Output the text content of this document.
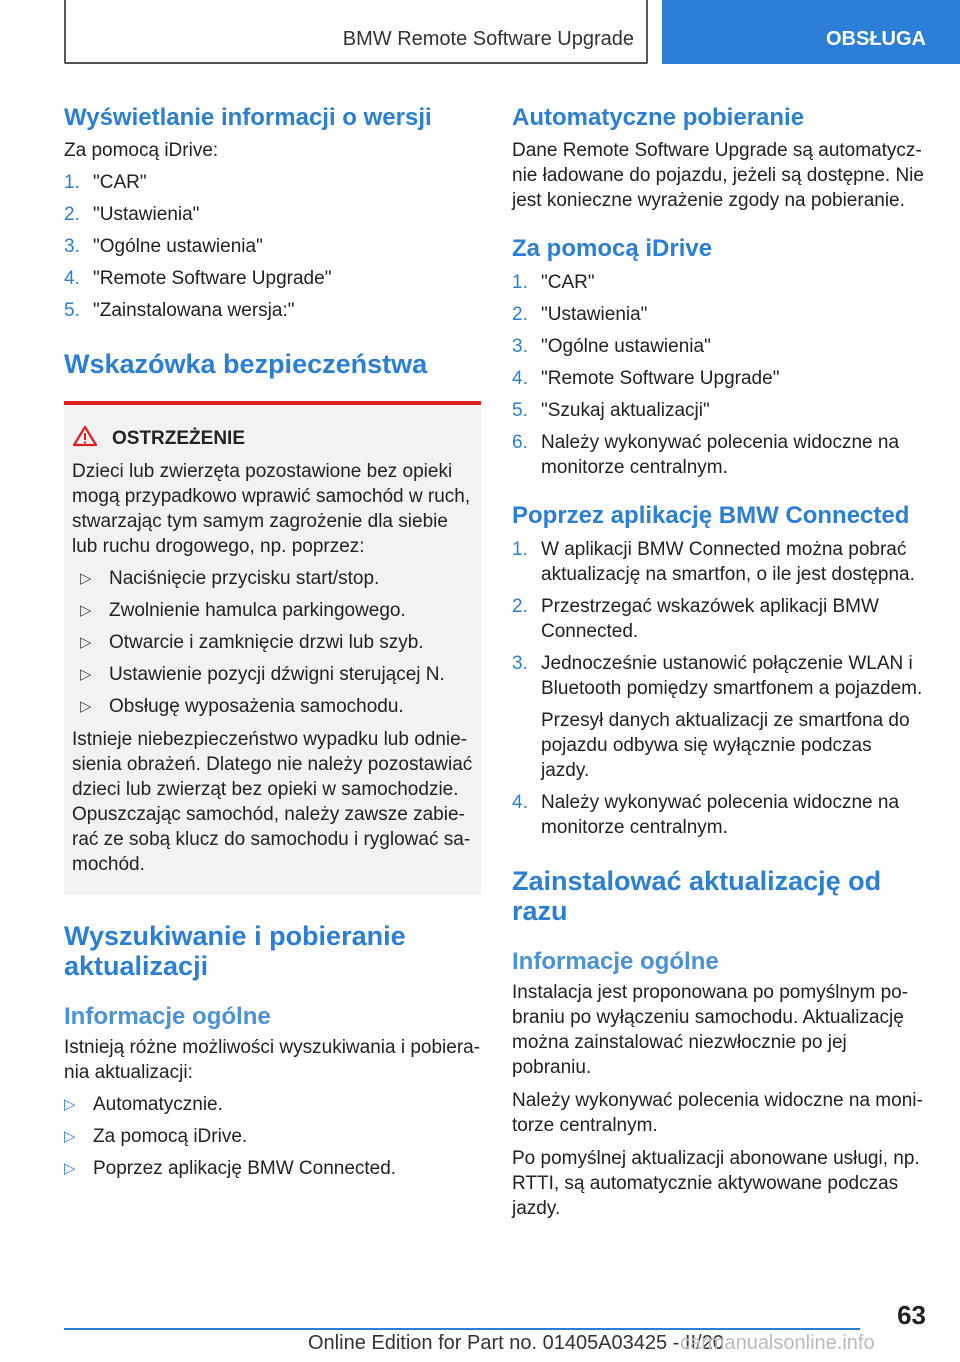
BMW Remote Software Upgrade	OBSŁUGA
Wyświetlanie informacji o wersji

Za pomocą iDrive:

1. "CAR"
2. "Ustawienia"
3. "Ogólne ustawienia"
4. "Remote Software Upgrade"
5. "Zainstalowana wersja:"
Wskazówka bezpieczeństwa
OSTRZEŻENIE

Dzieci lub zwierzęta pozostawione bez opieki mogą przypadkowo wprawić samochód w ruch, stwarzając tym samym zagrożenie dla siebie lub ruchu drogowego, np. poprzez:

▷ Naciśnięcie przycisku start/stop.
▷ Zwolnienie hamulca parkingowego.
▷ Otwarcie i zamknięcie drzwi lub szyb.
▷ Ustawienie pozycji dźwigni sterującej N.
▷ Obsługę wyposażenia samochodu.

Istnieje niebezpieczeństwo wypadku lub odniesienia obrażeń. Dlatego nie należy pozostawiać dzieci lub zwierząt bez opieki w samochodzie. Opuszczając samochód, należy zawsze zabierać ze sobą klucz do samochodu i ryglować samochód.

Wyszukiwanie i pobieranie aktualizacji
Informacje ogólne

Istnieją różne możliwości wyszukiwania i pobierania aktualizacji:

▷ Automatycznie.
▷ Za pomocą iDrive.
▷ Poprzez aplikację BMW Connected.
Automatyczne pobieranie

Dane Remote Software Upgrade są automatycznie ładowane do pojazdu, jeżeli są dostępne. Nie jest konieczne wyrażenie zgody na pobieranie.

Za pomocą iDrive
1. "CAR"
2. "Ustawienia"
3. "Ogólne ustawienia"
4. "Remote Software Upgrade"
5. "Szukaj aktualizacji"
6. Należy wykonywać polecenia widoczne na monitorze centralnym.
Poprzez aplikację BMW Connected
1. W aplikacji BMW Connected można pobrać aktualizację na smartfon, o ile jest dostępna.
2. Przestrzegać wskazówek aplikacji BMW Connected.
3. Jednocześnie ustanowić połączenie WLAN i Bluetooth pomiędzy smartfonem a pojazdem.
Przesył danych aktualizacji ze smartfona do pojazdu odbywa się wyłącznie podczas jazdy.
4. Należy wykonywać polecenia widoczne na monitorze centralnym.
Zainstalować aktualizację od razu
Informacje ogólne

Instalacja jest proponowana po pomyślnym pobraniu po wyłączeniu samochodu. Aktualizację można zainstalować niezwłocznie po jej pobraniu.

Należy wykonywać polecenia widoczne na monitorze centralnym.

Po pomyślnej aktualizacji abonowane usługi, np. RTTI, są automatycznie aktywowane podczas jazdy.

63
Online Edition for Part no. 01405A03425 - II/20
carmanualsonline.info
